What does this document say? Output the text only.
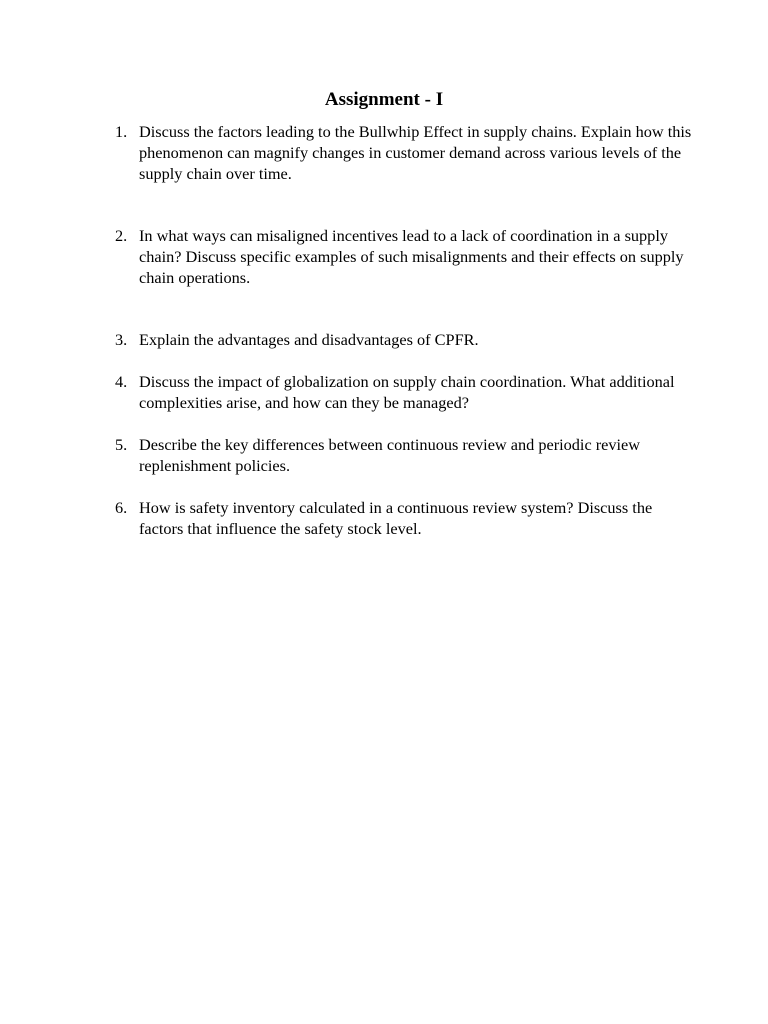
Assignment - I
1. Discuss the factors leading to the Bullwhip Effect in supply chains. Explain how this phenomenon can magnify changes in customer demand across various levels of the supply chain over time.
2. In what ways can misaligned incentives lead to a lack of coordination in a supply chain? Discuss specific examples of such misalignments and their effects on supply chain operations.
3. Explain the advantages and disadvantages of CPFR.
4. Discuss the impact of globalization on supply chain coordination. What additional complexities arise, and how can they be managed?
5. Describe the key differences between continuous review and periodic review replenishment policies.
6. How is safety inventory calculated in a continuous review system? Discuss the factors that influence the safety stock level.
